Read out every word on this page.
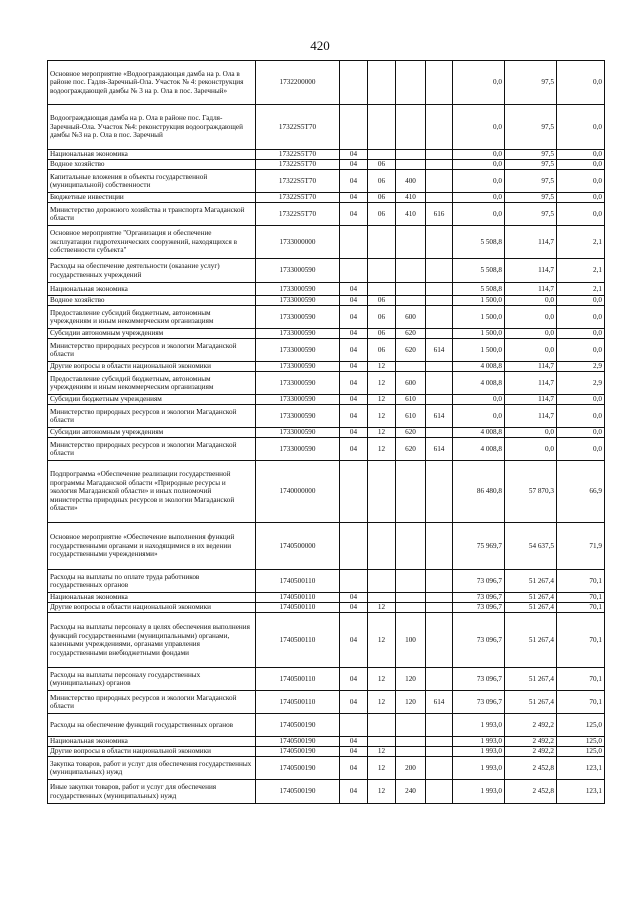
420
Основное мероприятие «Водоограждающая дамба на р. Ола в районе пос. Гадля-Заречный-Ола. Участок № 4: реконструкция водоограждающей дамбы № 3 на р. Ола в пос. Заречный»	1732200000					0,0	97,5	0,0
Водоограждающая дамба на р. Ола в районе пос. Гадля-Заречный-Ола. Участок №4: реконструкция водоограждающей дамбы №3 на р. Ола в пос. Заречный	17322S5T70					0,0	97,5	0,0
Национальная экономика	17322S5T70	04				0,0	97,5	0,0
Водное хозяйство	17322S5T70	04	06			0,0	97,5	0,0
Капитальные вложения в объекты государственной (муниципальной) собственности	17322S5T70	04	06	400		0,0	97,5	0,0
Бюджетные инвестиции	17322S5T70	04	06	410		0,0	97,5	0,0
Министерство дорожного хозяйства и транспорта Магаданской области	17322S5T70	04	06	410	616	0,0	97,5	0,0
Основное мероприятие "Организация и обеспечение эксплуатации гидротехнических сооружений, находящихся в собственности субъекта"	1733000000					5 508,8	114,7	2,1
Расходы на обеспечение деятельности (оказание услуг) государственных учреждений	1733000590					5 508,8	114,7	2,1
Национальная экономика	1733000590	04				5 508,8	114,7	2,1
Водное хозяйство	1733000590	04	06			1 500,0	0,0	0,0
Предоставление субсидий бюджетным, автономным учреждениям и иным некоммерческим организациям	1733000590	04	06	600		1 500,0	0,0	0,0
Субсидии автономным учреждениям	1733000590	04	06	620		1 500,0	0,0	0,0
Министерство природных ресурсов и экологии Магаданской области	1733000590	04	06	620	614	1 500,0	0,0	0,0
Другие вопросы в области национальной экономики	1733000590	04	12			4 008,8	114,7	2,9
Предоставление субсидий бюджетным, автономным учреждениям и иным некоммерческим организациям	1733000590	04	12	600		4 008,8	114,7	2,9
Субсидии бюджетным учреждениям	1733000590	04	12	610		0,0	114,7	0,0
Министерство природных ресурсов и экологии Магаданской области	1733000590	04	12	610	614	0,0	114,7	0,0
Субсидии автономным учреждениям	1733000590	04	12	620		4 008,8	0,0	0,0
Министерство природных ресурсов и экологии Магаданской области	1733000590	04	12	620	614	4 008,8	0,0	0,0
Подпрограмма «Обеспечение реализации государственной программы Магаданской области «Природные ресурсы и экология Магаданской области» и иных полномочий министерства природных ресурсов и экологии Магаданской области»	1740000000					86 480,8	57 870,3	66,9
Основное мероприятие «Обеспечение выполнения функций государственными органами и находящимися в их ведении государственными учреждениями»	1740500000					75 969,7	54 637,5	71,9
Расходы на выплаты по оплате труда работников государственных органов	1740500110					73 096,7	51 267,4	70,1
Национальная экономика	1740500110	04				73 096,7	51 267,4	70,1
Другие вопросы в области национальной экономики	1740500110	04	12			73 096,7	51 267,4	70,1
Расходы на выплаты персоналу в целях обеспечения выполнения функций государственными (муниципальными) органами, казенными учреждениями, органами управления государственными внебюджетными фондами	1740500110	04	12	100		73 096,7	51 267,4	70,1
Расходы на выплаты персоналу государственных (муниципальных) органов	1740500110	04	12	120		73 096,7	51 267,4	70,1
Министерство природных ресурсов и экологии Магаданской области	1740500110	04	12	120	614	73 096,7	51 267,4	70,1
Расходы на обеспечение функций государственных органов	1740500190					1 993,0	2 492,2	125,0
Национальная экономика	1740500190	04				1 993,0	2 492,2	125,0
Другие вопросы в области национальной экономики	1740500190	04	12			1 993,0	2 492,2	125,0
Закупка товаров, работ и услуг для обеспечения государственных (муниципальных) нужд	1740500190	04	12	200		1 993,0	2 452,8	123,1
Иные закупки товаров, работ и услуг для обеспечения государственных (муниципальных) нужд	1740500190	04	12	240		1 993,0	2 452,8	123,1
